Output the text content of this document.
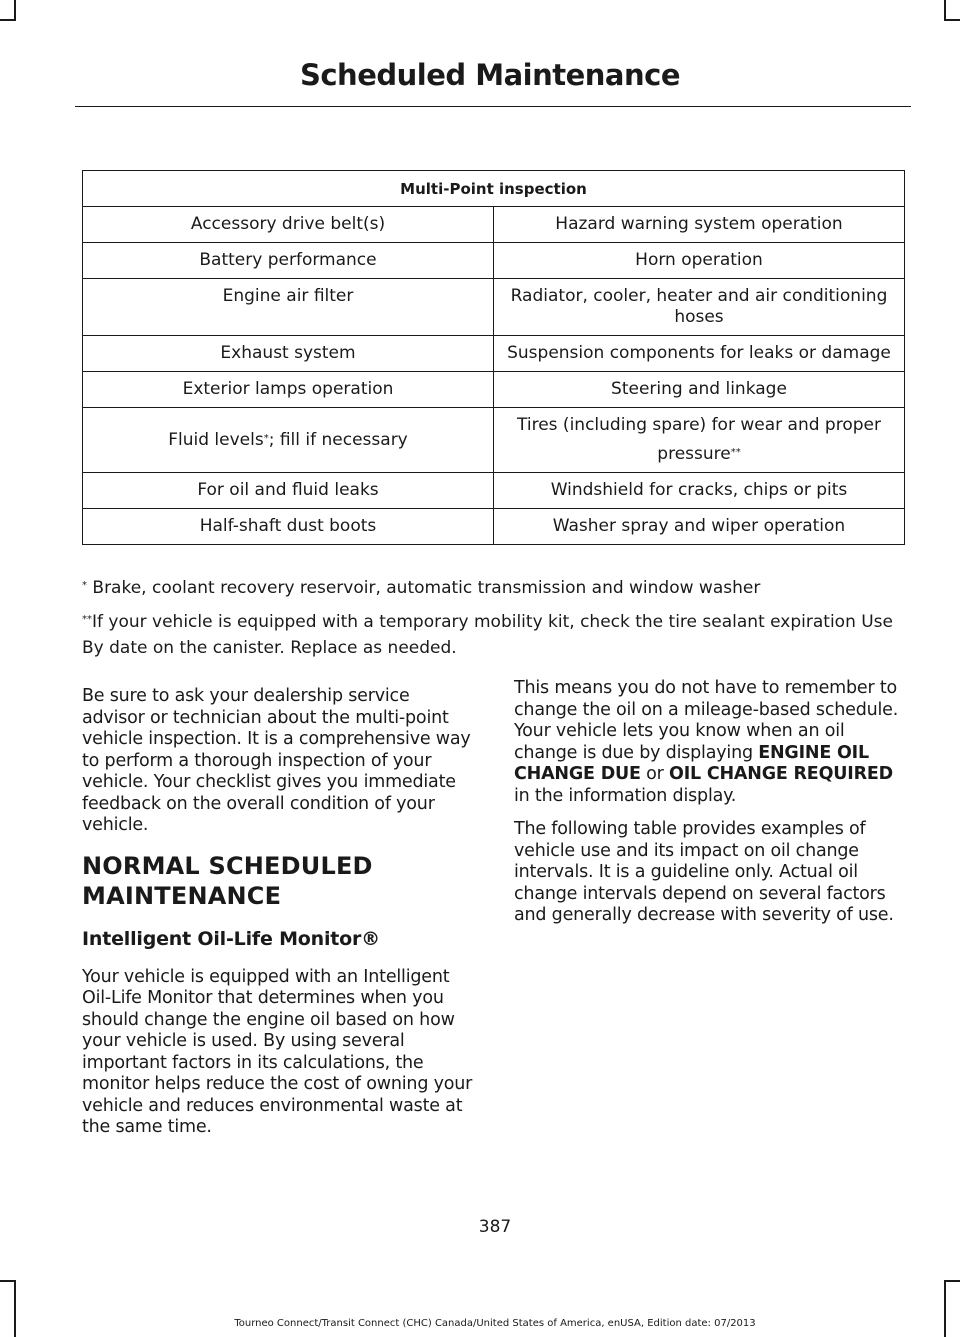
Scheduled Maintenance
Multi-Point inspection	
Accessory drive belt(s)	Hazard warning system operation
Battery performance	Horn operation
Engine air filter	Radiator, cooler, heater and air conditioning hoses
Exhaust system	Suspension components for leaks or damage
Exterior lamps operation	Steering and linkage
Fluid levels*; fill if necessary	Tires (including spare) for wear and proper
pressure**
For oil and fluid leaks	Windshield for cracks, chips or pits
Half-shaft dust boots	Washer spray and wiper operation
* Brake, coolant recovery reservoir, automatic transmission and window washer
**If your vehicle is equipped with a temporary mobility kit, check the tire sealant expiration Use By date on the canister. Replace as needed.

Be sure to ask your dealership service advisor or technician about the multi-point vehicle inspection. It is a comprehensive way to perform a thorough inspection of your vehicle. Your checklist gives you immediate feedback on the overall condition of your vehicle.

NORMAL SCHEDULED
MAINTENANCE
Intelligent Oil-Life Monitor®

Your vehicle is equipped with an Intelligent Oil-Life Monitor that determines when you should change the engine oil based on how your vehicle is used. By using several important factors in its calculations, the monitor helps reduce the cost of owning your vehicle and reduces environmental waste at the same time.

This means you do not have to remember to change the oil on a mileage-based schedule. Your vehicle lets you know when an oil change is due by displaying ENGINE OIL CHANGE DUE or OIL CHANGE REQUIRED in the information display.

The following table provides examples of vehicle use and its impact on oil change intervals. It is a guideline only. Actual oil change intervals depend on several factors and generally decrease with severity of use.

387
Tourneo Connect/Transit Connect (CHC) Canada/United States of America, enUSA, Edition date: 07/2013
